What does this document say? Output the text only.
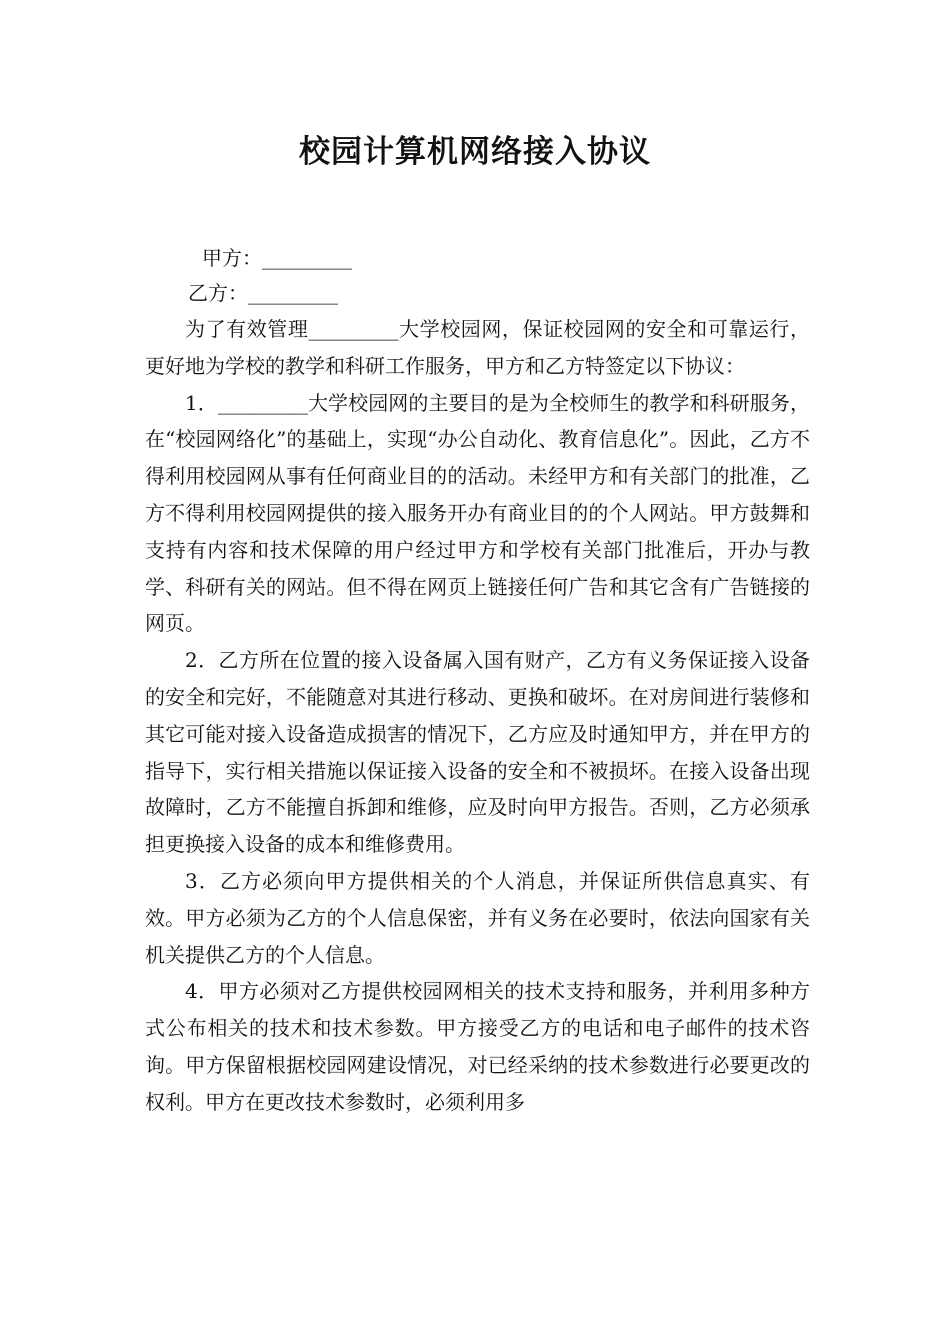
校园计算机网络接入协议
甲方：_________
乙方：_________

为了有效管理_________大学校园网，保证校园网的安全和可靠运行，更好地为学校的教学和科研工作服务，甲方和乙方特签定以下协议：

1．_________大学校园网的主要目的是为全校师生的教学和科研服务，在“校园网络化”的基础上，实现“办公自动化、教育信息化”。因此，乙方不得利用校园网从事有任何商业目的的活动。未经甲方和有关部门的批准，乙方不得利用校园网提供的接入服务开办有商业目的的个人网站。甲方鼓舞和支持有内容和技术保障的用户经过甲方和学校有关部门批准后，开办与教学、科研有关的网站。但不得在网页上链接任何广告和其它含有广告链接的网页。

2．乙方所在位置的接入设备属入国有财产，乙方有义务保证接入设备的安全和完好，不能随意对其进行移动、更换和破坏。在对房间进行装修和其它可能对接入设备造成损害的情况下，乙方应及时通知甲方，并在甲方的指导下，实行相关措施以保证接入设备的安全和不被损坏。在接入设备出现故障时，乙方不能擅自拆卸和维修，应及时向甲方报告。否则，乙方必须承担更换接入设备的成本和维修费用。

3．乙方必须向甲方提供相关的个人消息，并保证所供信息真实、有效。甲方必须为乙方的个人信息保密，并有义务在必要时，依法向国家有关机关提供乙方的个人信息。

4．甲方必须对乙方提供校园网相关的技术支持和服务，并利用多种方式公布相关的技术和技术参数。甲方接受乙方的电话和电子邮件的技术咨询。甲方保留根据校园网建设情况，对已经采纳的技术参数进行必要更改的权利。甲方在更改技术参数时，必须利用多
